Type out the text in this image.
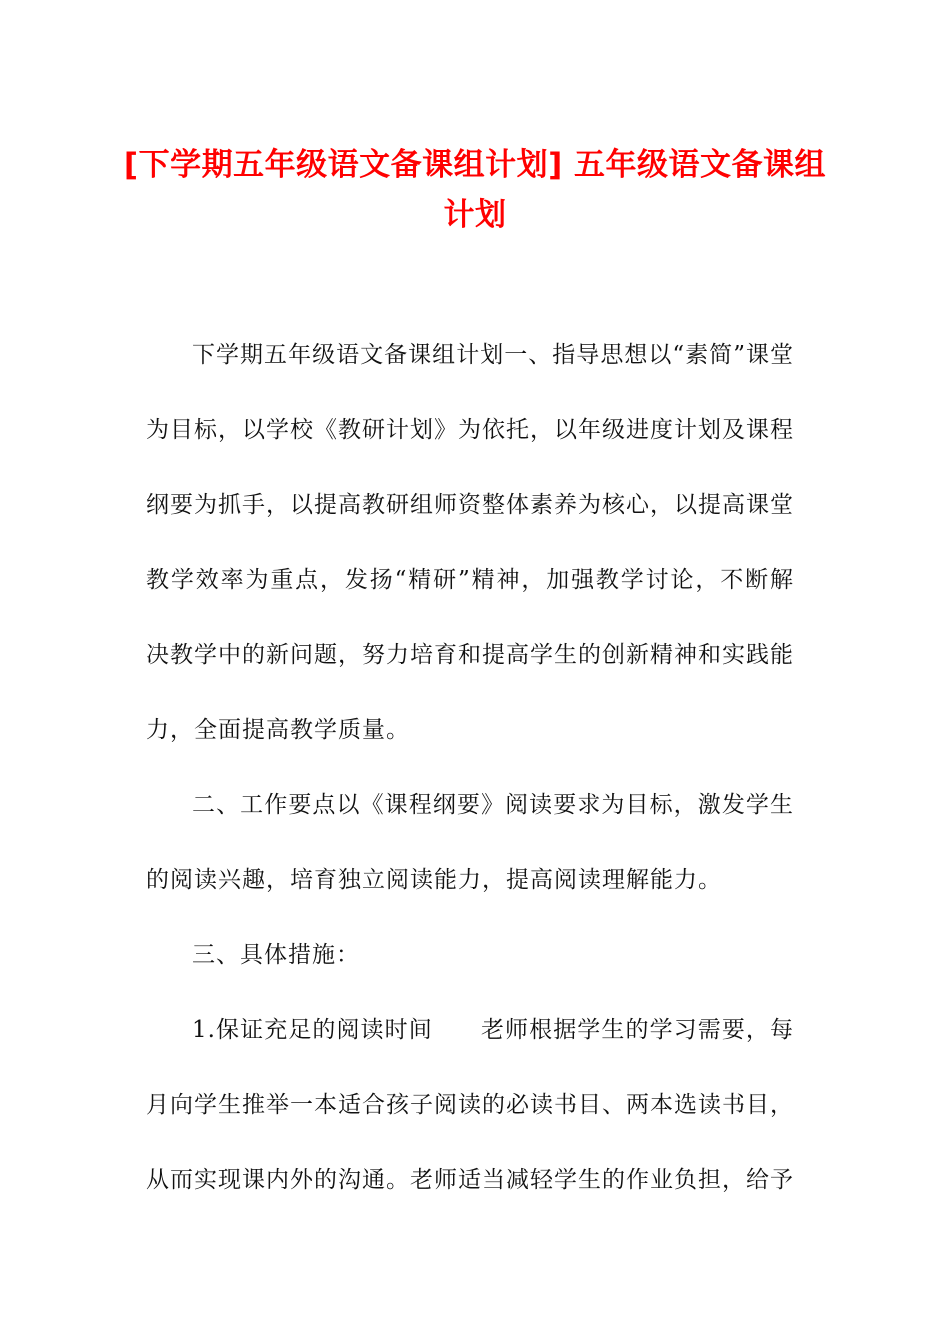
[下学期五年级语文备课组计划] 五年级语文备课组计划

下学期五年级语文备课组计划一、指导思想以“素简”课堂为目标，以学校《教研计划》为依托，以年级进度计划及课程纲要为抓手，以提高教研组师资整体素养为核心，以提高课堂教学效率为重点，发扬“精研”精神，加强教学讨论，不断解决教学中的新问题，努力培育和提高学生的创新精神和实践能力，全面提高教学质量。

二、工作要点以《课程纲要》阅读要求为目标，激发学生的阅读兴趣，培育独立阅读能力，提高阅读理解能力。

三、具体措施：

1.保证充足的阅读时间　　老师根据学生的学习需要，每月向学生推举一本适合孩子阅读的必读书目、两本选读书目，从而实现课内外的沟通。老师适当减轻学生的作业负担，给予
